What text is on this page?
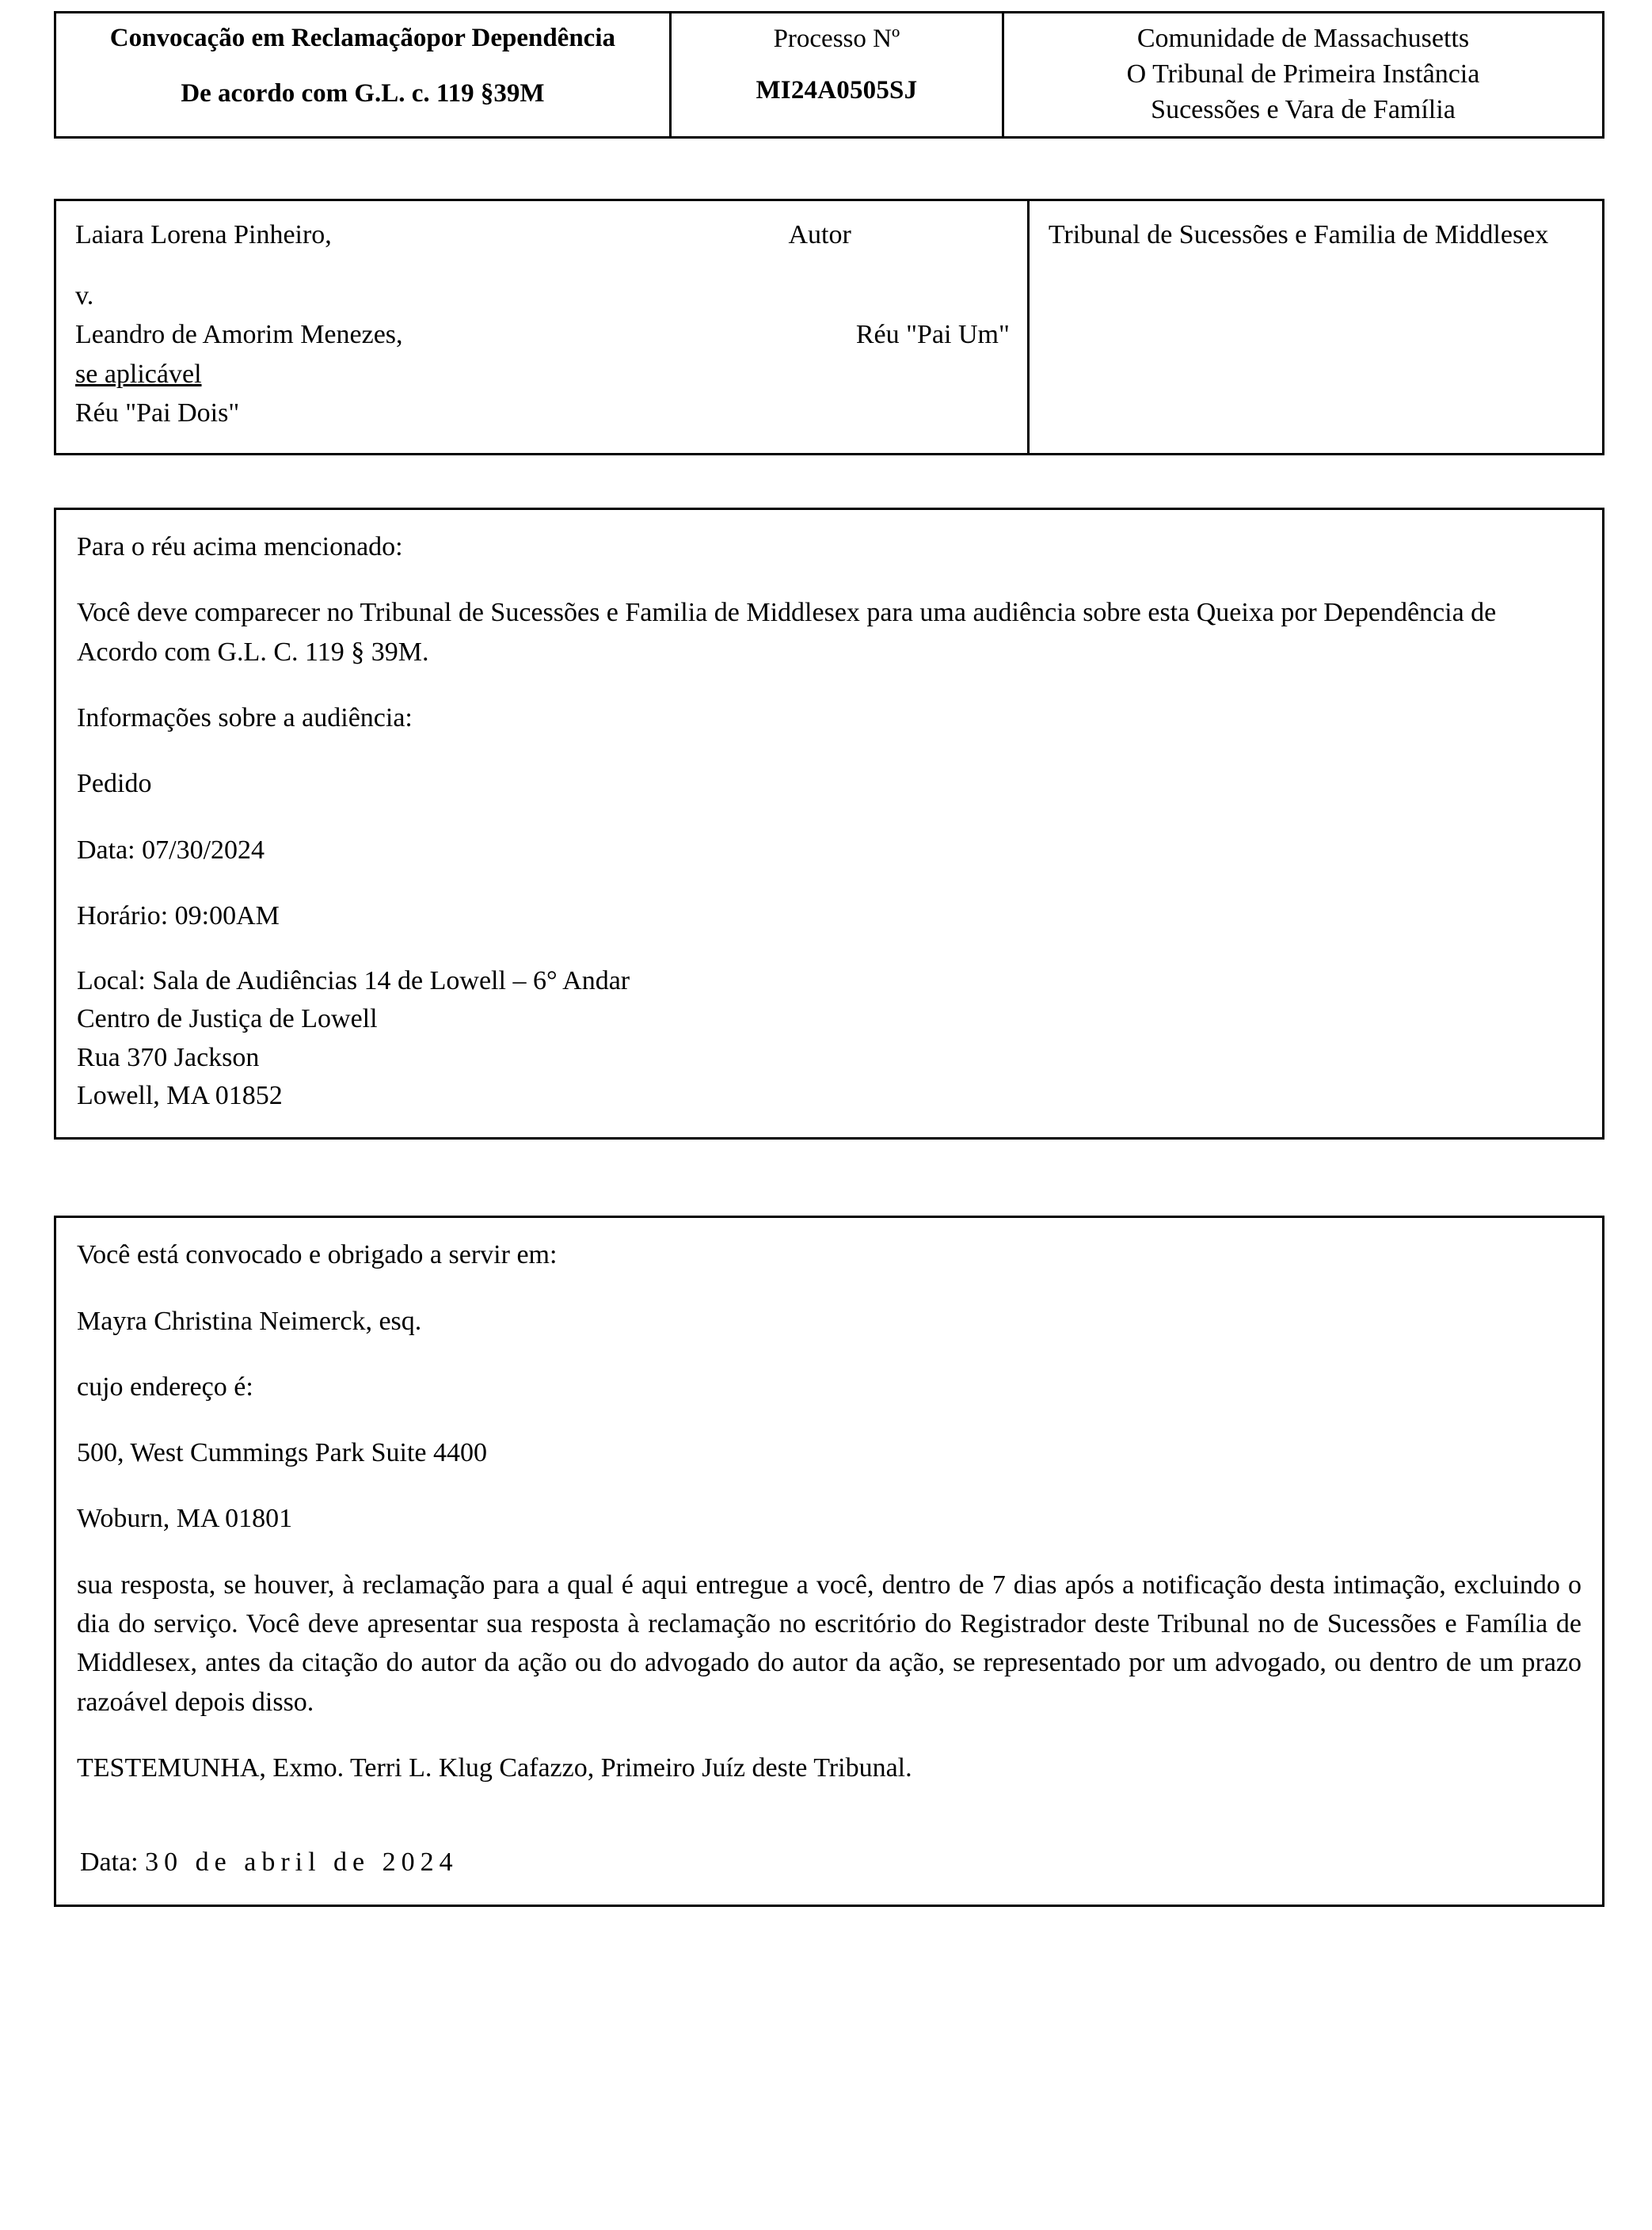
Convocação em Reclamaçãopor Dependência
De acordo com G.L. c. 119 §39M

Processo Nº
MI24A0505SJ

Comunidade de Massachusetts
O Tribunal de Primeira Instância
Sucessões e Vara de Família
Laiara Lorena Pinheiro,	Autor
v.
Leandro de Amorim Menezes,	Réu "Pai Um"
se aplicável
Réu "Pai Dois"

Tribunal de Sucessões e Familia de Middlesex

Para o réu acima mencionado:

Você deve comparecer no Tribunal de Sucessões e Familia de Middlesex para uma audiência sobre esta Queixa por Dependência de Acordo com G.L. C. 119 § 39M.

Informações sobre a audiência:

Pedido

Data: 07/30/2024

Horário: 09:00AM

Local: Sala de Audiências 14 de Lowell – 6° Andar

Centro de Justiça de Lowell

Rua 370 Jackson

Lowell, MA 01852

Você está convocado e obrigado a servir em:

Mayra Christina Neimerck, esq.

cujo endereço é:

500, West Cummings Park Suite 4400

Woburn, MA 01801

sua resposta, se houver, à reclamação para a qual é aqui entregue a você, dentro de 7 dias após a notificação desta intimação, excluindo o dia do serviço. Você deve apresentar sua resposta à reclamação no escritório do Registrador deste Tribunal no de Sucessões e Família de Middlesex, antes da citação do autor da ação ou do advogado do autor da ação, se representado por um advogado, ou dentro de um prazo razoável depois disso.

TESTEMUNHA, Exmo. Terri L. Klug Cafazzo, Primeiro Juíz deste Tribunal.
Data: 30 de abril de 2024
